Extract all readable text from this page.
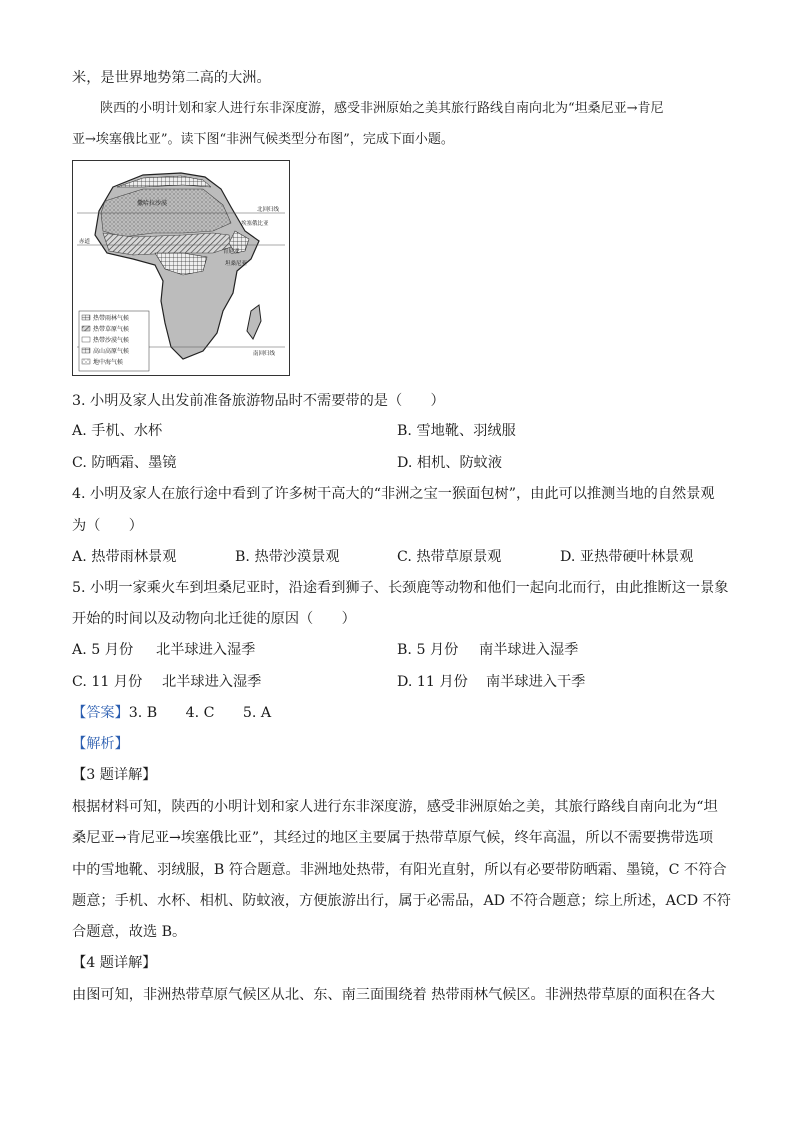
米，是世界地势第二高的大洲。
陕西的小明计划和家人进行东非深度游，感受非洲原始之美其旅行路线自南向北为“坦桑尼亚→肯尼
亚→埃塞俄比亚”。读下图“非洲气候类型分布图”，完成下面小题。
撒哈拉沙漠
北回归线
埃塞俄比亚
赤道
肯尼亚
坦桑尼亚
南回归线
热带雨林气候
热带草原气候
热带沙漠气候
高山高原气候
地中海气候
3. 小明及家人出发前准备旅游物品时不需要带的是（　　）
A. 手机、水杯	B. 雪地靴、羽绒服
C. 防晒霜、墨镜	D. 相机、防蚊液
4. 小明及家人在旅行途中看到了许多树干高大的“非洲之宝一猴面包树”，由此可以推测当地的自然景观
为（　　）
A. 热带雨林景观	B. 热带沙漠景观	C. 热带草原景观	D. 亚热带硬叶林景观
5. 小明一家乘火车到坦桑尼亚时，沿途看到狮子、长颈鹿等动物和他们一起向北而行，由此推断这一景象
开始的时间以及动物向北迁徙的原因（　　）
A. 5 月份 北半球进入湿季	B. 5 月份 南半球进入湿季
C. 11 月份 北半球进入湿季	D. 11 月份 南半球进入干季
【答案】3. B　　4. C　　5. A
【解析】
【3 题详解】
根据材料可知，陕西的小明计划和家人进行东非深度游，感受非洲原始之美，其旅行路线自南向北为“坦
桑尼亚→肯尼亚→埃塞俄比亚”，其经过的地区主要属于热带草原气候，终年高温，所以不需要携带选项
中的雪地靴、羽绒服，B 符合题意。非洲地处热带，有阳光直射，所以有必要带防晒霜、墨镜，C 不符合
题意；手机、水杯、相机、防蚊液，方便旅游出行，属于必需品，AD 不符合题意；综上所述，ACD 不符
合题意，故选 B。
【4 题详解】
由图可知，非洲热带草原气候区从北、东、南三面围绕着 热带雨林气候区。非洲热带草原的面积在各大
